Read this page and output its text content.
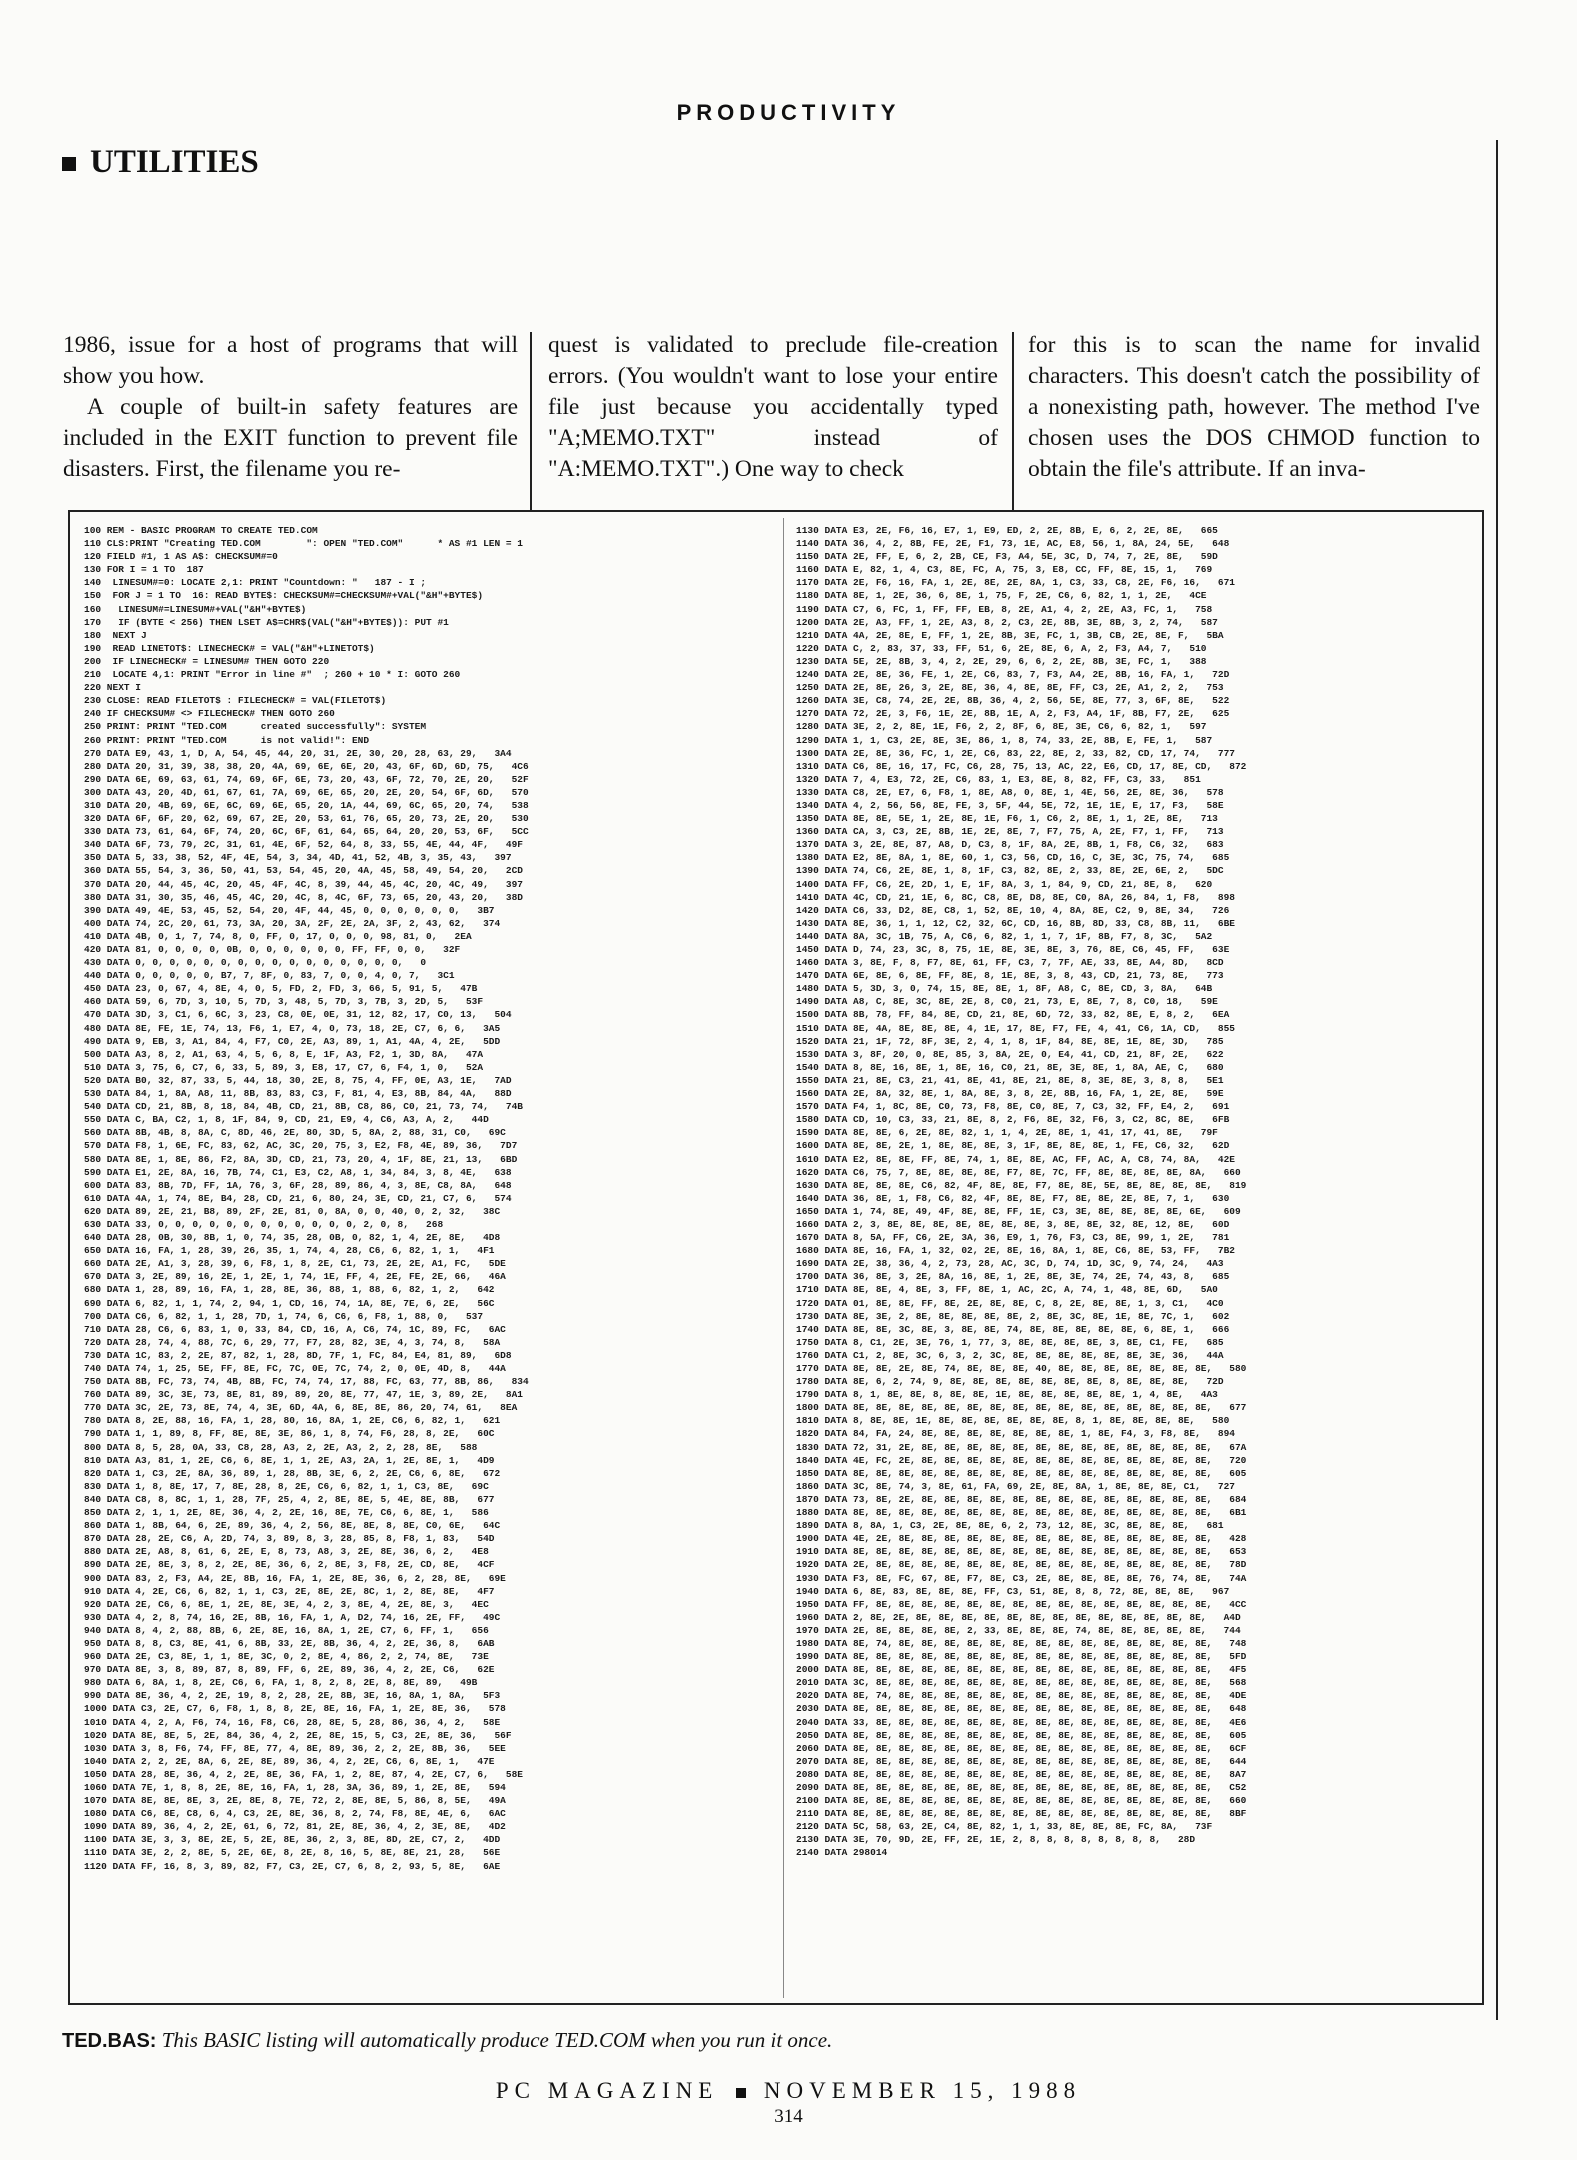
PRODUCTIVITY
UTILITIES

1986, issue for a host of programs that will show you how.

A couple of built-in safety features are included in the EXIT function to prevent file disasters. First, the filename you re-

quest is validated to preclude file-creation errors. (You wouldn't want to lose your entire file just because you accidentally typed "A;MEMO.TXT" instead of "A:MEMO.TXT".) One way to check

for this is to scan the name for invalid characters. This doesn't catch the possibility of a nonexisting path, however. The method I've chosen uses the DOS CHMOD function to obtain the file's attribute. If an inva-

100 REM - BASIC PROGRAM TO CREATE TED.COM
110 CLS:PRINT "Creating TED.COM        ": OPEN "TED.COM"      * AS #1 LEN = 1
120 FIELD #1, 1 AS A$: CHECKSUM#=0
130 FOR I = 1 TO  187
140  LINESUM#=0: LOCATE 2,1: PRINT "Countdown: "   187 - I ;
150  FOR J = 1 TO  16: READ BYTE$: CHECKSUM#=CHECKSUM#+VAL("&H"+BYTE$)
160   LINESUM#=LINESUM#+VAL("&H"+BYTE$)
170   IF (BYTE < 256) THEN LSET A$=CHR$(VAL("&H"+BYTE$)): PUT #1
180  NEXT J
190  READ LINETOT$: LINECHECK# = VAL("&H"+LINETOT$)
200  IF LINECHECK# = LINESUM# THEN GOTO 220
210  LOCATE 4,1: PRINT "Error in line #"  ; 260 + 10 * I: GOTO 260
220 NEXT I
230 CLOSE: READ FILETOT$ : FILECHECK# = VAL(FILETOT$)
240 IF CHECKSUM# <> FILECHECK# THEN GOTO 260
250 PRINT: PRINT "TED.COM      created successfully": SYSTEM
260 PRINT: PRINT "TED.COM      is not valid!": END
270 DATA E9, 43, 1, D, A, 54, 45, 44, 20, 31, 2E, 30, 20, 28, 63, 29,   3A4
280 DATA 20, 31, 39, 38, 38, 20, 4A, 69, 6E, 6E, 20, 43, 6F, 6D, 6D, 75,   4C6
290 DATA 6E, 69, 63, 61, 74, 69, 6F, 6E, 73, 20, 43, 6F, 72, 70, 2E, 20,   52F
300 DATA 43, 20, 4D, 61, 67, 61, 7A, 69, 6E, 65, 20, 2E, 20, 54, 6F, 6D,   570
310 DATA 20, 4B, 69, 6E, 6C, 69, 6E, 65, 20, 1A, 44, 69, 6C, 65, 20, 74,   538
320 DATA 6F, 6F, 20, 62, 69, 67, 2E, 20, 53, 61, 76, 65, 20, 73, 2E, 20,   530
330 DATA 73, 61, 64, 6F, 74, 20, 6C, 6F, 61, 64, 65, 64, 20, 20, 53, 6F,   5CC
340 DATA 6F, 73, 79, 2C, 31, 61, 4E, 6F, 52, 64, 8, 33, 55, 4E, 44, 4F,   49F
350 DATA 5, 33, 38, 52, 4F, 4E, 54, 3, 34, 4D, 41, 52, 4B, 3, 35, 43,   397
360 DATA 55, 54, 3, 36, 50, 41, 53, 54, 45, 20, 4A, 45, 58, 49, 54, 20,   2CD
370 DATA 20, 44, 45, 4C, 20, 45, 4F, 4C, 8, 39, 44, 45, 4C, 20, 4C, 49,   397
380 DATA 31, 30, 35, 46, 45, 4C, 20, 4C, 8, 4C, 6F, 73, 65, 20, 43, 20,   38D
390 DATA 49, 4E, 53, 45, 52, 54, 20, 4F, 44, 45, 0, 0, 0, 0, 0, 0,   3B7
400 DATA 74, 2C, 20, 61, 73, 3A, 20, 3A, 2F, 2E, 2A, 3F, 2, 43, 62,   374
410 DATA 4B, 0, 1, 7, 74, 8, 0, FF, 0, 17, 0, 0, 0, 98, 81, 0,   2EA
420 DATA 81, 0, 0, 0, 0, 0B, 0, 0, 0, 0, 0, 0, FF, FF, 0, 0,   32F
430 DATA 0, 0, 0, 0, 0, 0, 0, 0, 0, 0, 0, 0, 0, 0, 0, 0,   0
440 DATA 0, 0, 0, 0, 0, B7, 7, 8F, 0, 83, 7, 0, 0, 4, 0, 7,   3C1
450 DATA 23, 0, 67, 4, 8E, 4, 0, 5, FD, 2, FD, 3, 66, 5, 91, 5,   47B
460 DATA 59, 6, 7D, 3, 10, 5, 7D, 3, 48, 5, 7D, 3, 7B, 3, 2D, 5,   53F
470 DATA 3D, 3, C1, 6, 6C, 3, 23, C8, 0E, 0E, 31, 12, 82, 17, C0, 13,   504
480 DATA 8E, FE, 1E, 74, 13, F6, 1, E7, 4, 0, 73, 18, 2E, C7, 6, 6,   3A5
490 DATA 9, EB, 3, A1, 84, 4, F7, C0, 2E, A3, 89, 1, A1, 4A, 4, 2E,   5DD
500 DATA A3, 8, 2, A1, 63, 4, 5, 6, 8, E, 1F, A3, F2, 1, 3D, 8A,   47A
510 DATA 3, 75, 6, C7, 6, 33, 5, 89, 3, E8, 17, C7, 6, F4, 1, 0,   52A
520 DATA B0, 32, 87, 33, 5, 44, 18, 30, 2E, 8, 75, 4, FF, 0E, A3, 1E,   7AD
530 DATA 84, 1, 8A, A8, 11, 8B, 83, 83, C3, F, 81, 4, E3, 8B, 84, 4A,   88D
540 DATA CD, 21, 8B, 8, 18, 84, 4B, CD, 21, 8B, C8, 86, C0, 21, 73, 74,   74B
550 DATA C, BA, C2, 1, 8, 1F, 84, 9, CD, 21, E9, 4, C6, A3, A, 2,   44D
560 DATA 8B, 4B, 8, 8A, C, 8D, 46, 2E, 80, 3D, 5, 8A, 2, 88, 31, C0,   69C
570 DATA F8, 1, 6E, FC, 83, 62, AC, 3C, 20, 75, 3, E2, F8, 4E, 89, 36,   7D7
580 DATA 8E, 1, 8E, 86, F2, 8A, 3D, CD, 21, 73, 20, 4, 1F, 8E, 21, 13,   6BD
590 DATA E1, 2E, 8A, 16, 7B, 74, C1, E3, C2, A8, 1, 34, 84, 3, 8, 4E,   638
600 DATA 83, 8B, 7D, FF, 1A, 76, 3, 6F, 28, 89, 86, 4, 3, 8E, C8, 8A,   648
610 DATA 4A, 1, 74, 8E, B4, 28, CD, 21, 6, 80, 24, 3E, CD, 21, C7, 6,   574
620 DATA 89, 2E, 21, B8, 89, 2F, 2E, 81, 0, 8A, 0, 0, 40, 0, 2, 32,   38C
630 DATA 33, 0, 0, 0, 0, 0, 0, 0, 0, 0, 0, 0, 0, 2, 0, 8,   268
640 DATA 28, 0B, 30, 8B, 1, 0, 74, 35, 28, 0B, 0, 82, 1, 4, 2E, 8E,   4D8
650 DATA 16, FA, 1, 28, 39, 26, 35, 1, 74, 4, 28, C6, 6, 82, 1, 1,   4F1
660 DATA 2E, A1, 3, 28, 39, 6, F8, 1, 8, 2E, C1, 73, 2E, 2E, A1, FC,   5DE
670 DATA 3, 2E, 89, 16, 2E, 1, 2E, 1, 74, 1E, FF, 4, 2E, FE, 2E, 66,   46A
680 DATA 1, 28, 89, 16, FA, 1, 28, 8E, 36, 88, 1, 88, 6, 82, 1, 2,   642
690 DATA 6, 82, 1, 1, 74, 2, 94, 1, CD, 16, 74, 1A, 8E, 7E, 6, 2E,   56C
700 DATA C6, 6, 82, 1, 1, 28, 7D, 1, 74, 6, C6, 6, F8, 1, 88, 0,   537
710 DATA 28, C6, 6, 83, 1, 0, 33, 84, CD, 16, A, C6, 74, 1C, 89, FC,   6AC
720 DATA 28, 74, 4, 88, 7C, 6, 29, 77, F7, 28, 82, 3E, 4, 3, 74, 8,   58A
730 DATA 1C, 83, 2, 2E, 87, 82, 1, 28, 8D, 7F, 1, FC, 84, E4, 81, 89,   6D8
740 DATA 74, 1, 25, 5E, FF, 8E, FC, 7C, 0E, 7C, 74, 2, 0, 0E, 4D, 8,   44A
750 DATA 8B, FC, 73, 74, 4B, 8B, FC, 74, 74, 17, 88, FC, 63, 77, 8B, 86,   834
760 DATA 89, 3C, 3E, 73, 8E, 81, 89, 89, 20, 8E, 77, 47, 1E, 3, 89, 2E,   8A1
770 DATA 3C, 2E, 73, 8E, 74, 4, 3E, 6D, 4A, 6, 8E, 8E, 86, 20, 74, 61,   8EA
780 DATA 8, 2E, 88, 16, FA, 1, 28, 80, 16, 8A, 1, 2E, C6, 6, 82, 1,   621
790 DATA 1, 1, 89, 8, FF, 8E, 8E, 3E, 86, 1, 8, 74, F6, 28, 8, 2E,   60C
800 DATA 8, 5, 28, 0A, 33, C8, 28, A3, 2, 2E, A3, 2, 2, 28, 8E,   588
810 DATA A3, 81, 1, 2E, C6, 6, 8E, 1, 1, 2E, A3, 2A, 1, 2E, 8E, 1,   4D9
820 DATA 1, C3, 2E, 8A, 36, 89, 1, 28, 8B, 3E, 6, 2, 2E, C6, 6, 8E,   672
830 DATA 1, 8, 8E, 17, 7, 8E, 28, 8, 2E, C6, 6, 82, 1, 1, C3, 8E,   69C
840 DATA C8, 8, 8C, 1, 1, 28, 7F, 25, 4, 2, 8E, 8E, 5, 4E, 8E, 8B,   677
850 DATA 2, 1, 1, 2E, 8E, 36, 4, 2, 2E, 16, 8E, 7E, C6, 6, 8E, 1,   586
860 DATA 1, 8B, 64, 6, 2E, 89, 36, 4, 2, 56, 8E, 8E, 8, 8E, C0, 6E,   64C
870 DATA 28, 2E, C6, A, 2D, 74, 3, 89, 8, 3, 28, 85, 8, F8, 1, 83,   54D
880 DATA 2E, A8, 8, 61, 6, 2E, E, 8, 73, A8, 3, 2E, 8E, 36, 6, 2,   4E8
890 DATA 2E, 8E, 3, 8, 2, 2E, 8E, 36, 6, 2, 8E, 3, F8, 2E, CD, 8E,   4CF
900 DATA 83, 2, F3, A4, 2E, 8B, 16, FA, 1, 2E, 8E, 36, 6, 2, 28, 8E,   69E
910 DATA 4, 2E, C6, 6, 82, 1, 1, C3, 2E, 8E, 2E, 8C, 1, 2, 8E, 8E,   4F7
920 DATA 2E, C6, 6, 8E, 1, 2E, 8E, 3E, 4, 2, 3, 8E, 4, 2E, 8E, 3,   4EC
930 DATA 4, 2, 8, 74, 16, 2E, 8B, 16, FA, 1, A, D2, 74, 16, 2E, FF,   49C
940 DATA 8, 4, 2, 88, 8B, 6, 2E, 8E, 16, 8A, 1, 2E, C7, 6, FF, 1,   656
950 DATA 8, 8, C3, 8E, 41, 6, 8B, 33, 2E, 8B, 36, 4, 2, 2E, 36, 8,   6AB
960 DATA 2E, C3, 8E, 1, 1, 8E, 3C, 0, 2, 8E, 4, 86, 2, 2, 74, 8E,   73E
970 DATA 8E, 3, 8, 89, 87, 8, 89, FF, 6, 2E, 89, 36, 4, 2, 2E, C6,   62E
980 DATA 6, 8A, 1, 8, 2E, C6, 6, FA, 1, 8, 2, 8, 2E, 8, 8E, 89,   49B
990 DATA 8E, 36, 4, 2, 2E, 19, 8, 2, 28, 2E, 8B, 3E, 16, 8A, 1, 8A,   5F3
1000 DATA C3, 2E, C7, 6, F8, 1, 8, 8, 2E, 8E, 16, FA, 1, 2E, 8E, 36,   578
1010 DATA 4, 2, A, F6, 74, 16, F8, C6, 28, 8E, 5, 28, 86, 36, 4, 2,   58E
1020 DATA 8E, 8E, 5, 2E, 84, 36, 4, 2, 2E, 8E, 15, 5, C3, 2E, 8E, 36,   56F
1030 DATA 3, 8, F6, 74, FF, 8E, 77, 4, 8E, 89, 36, 2, 2, 2E, 8B, 36,   5EE
1040 DATA 2, 2, 2E, 8A, 6, 2E, 8E, 89, 36, 4, 2, 2E, C6, 6, 8E, 1,   47E
1050 DATA 28, 8E, 36, 4, 2, 2E, 8E, 36, FA, 1, 2, 8E, 87, 4, 2E, C7, 6,   58E
1060 DATA 7E, 1, 8, 8, 2E, 8E, 16, FA, 1, 28, 3A, 36, 89, 1, 2E, 8E,   594
1070 DATA 8E, 8E, 8E, 3, 2E, 8E, 8, 7E, 72, 2, 8E, 8E, 5, 86, 8, 5E,   49A
1080 DATA C6, 8E, C8, 6, 4, C3, 2E, 8E, 36, 8, 2, 74, F8, 8E, 4E, 6,   6AC
1090 DATA 89, 36, 4, 2, 2E, 61, 6, 72, 81, 2E, 8E, 36, 4, 2, 3E, 8E,   4D2
1100 DATA 3E, 3, 3, 8E, 2E, 5, 2E, 8E, 36, 2, 3, 8E, 8D, 2E, C7, 2,   4DD
1110 DATA 3E, 2, 2, 8E, 5, 2E, 6E, 8, 2E, 8, 16, 5, 8E, 8E, 21, 28,   56E
1120 DATA FF, 16, 8, 3, 89, 82, F7, C3, 2E, C7, 6, 8, 2, 93, 5, 8E,   6AE
1130 DATA E3, 2E, F6, 16, E7, 1, E9, ED, 2, 2E, 8B, E, 6, 2, 2E, 8E,   665
1140 DATA 36, 4, 2, 8B, FE, 2E, F1, 73, 1E, AC, E8, 56, 1, 8A, 24, 5E,   648
1150 DATA 2E, FF, E, 6, 2, 2B, CE, F3, A4, 5E, 3C, D, 74, 7, 2E, 8E,   59D
1160 DATA E, 82, 1, 4, C3, 8E, FC, A, 75, 3, E8, CC, FF, 8E, 15, 1,   769
1170 DATA 2E, F6, 16, FA, 1, 2E, 8E, 2E, 8A, 1, C3, 33, C8, 2E, F6, 16,   671
1180 DATA 8E, 1, 2E, 36, 6, 8E, 1, 75, F, 2E, C6, 6, 82, 1, 1, 2E,   4CE
1190 DATA C7, 6, FC, 1, FF, FF, EB, 8, 2E, A1, 4, 2, 2E, A3, FC, 1,   758
1200 DATA 2E, A3, FF, 1, 2E, A3, 8, 2, C3, 2E, 8B, 3E, 8B, 3, 2, 74,   587
1210 DATA 4A, 2E, 8E, E, FF, 1, 2E, 8B, 3E, FC, 1, 3B, CB, 2E, 8E, F,   5BA
1220 DATA C, 2, 83, 37, 33, FF, 51, 6, 2E, 8E, 6, A, 2, F3, A4, 7,   510
1230 DATA 5E, 2E, 8B, 3, 4, 2, 2E, 29, 6, 6, 2, 2E, 8B, 3E, FC, 1,   388
1240 DATA 2E, 8E, 36, FE, 1, 2E, C6, 83, 7, F3, A4, 2E, 8B, 16, FA, 1,   72D
1250 DATA 2E, 8E, 26, 3, 2E, 8E, 36, 4, 8E, 8E, FF, C3, 2E, A1, 2, 2,   753
1260 DATA 3E, C8, 74, 2E, 2E, 8B, 36, 4, 2, 56, 5E, 8E, 77, 3, 6F, 8E,   522
1270 DATA 72, 2E, 3, F6, 1E, 2E, 8B, 1E, A, 2, F3, A4, 1F, 8B, F7, 2E,   625
1280 DATA 3E, 2, 2, 8E, 1E, F6, 2, 2, 8F, 6, 8E, 3E, C6, 6, 82, 1,   597
1290 DATA 1, 1, C3, 2E, 8E, 3E, 86, 1, 8, 74, 33, 2E, 8B, E, FE, 1,   587
1300 DATA 2E, 8E, 36, FC, 1, 2E, C6, 83, 22, 8E, 2, 33, 82, CD, 17, 74,   777
1310 DATA C6, 8E, 16, 17, FC, C6, 28, 75, 13, AC, 22, E6, CD, 17, 8E, CD,   872
1320 DATA 7, 4, E3, 72, 2E, C6, 83, 1, E3, 8E, 8, 82, FF, C3, 33,   851
1330 DATA C8, 2E, E7, 6, F8, 1, 8E, A8, 0, 8E, 1, 4E, 56, 2E, 8E, 36,   578
1340 DATA 4, 2, 56, 56, 8E, FE, 3, 5F, 44, 5E, 72, 1E, 1E, E, 17, F3,   58E
1350 DATA 8E, 8E, 5E, 1, 2E, 8E, 1E, F6, 1, C6, 2, 8E, 1, 1, 2E, 8E,   713
1360 DATA CA, 3, C3, 2E, 8B, 1E, 2E, 8E, 7, F7, 75, A, 2E, F7, 1, FF,   713
1370 DATA 3, 2E, 8E, 87, A8, D, C3, 8, 1F, 8A, 2E, 8B, 1, F8, C6, 32,   683
1380 DATA E2, 8E, 8A, 1, 8E, 60, 1, C3, 56, CD, 16, C, 3E, 3C, 75, 74,   685
1390 DATA 74, C6, 2E, 8E, 1, 8, 1F, C3, 82, 8E, 2, 33, 8E, 2E, 6E, 2,   5DC
1400 DATA FF, C6, 2E, 2D, 1, E, 1F, 8A, 3, 1, 84, 9, CD, 21, 8E, 8,   620
1410 DATA 4C, CD, 21, 1E, 6, 8C, C8, 8E, D8, 8E, C0, 8A, 26, 84, 1, F8,   898
1420 DATA C6, 33, D2, 8E, C8, 1, 52, 8E, 10, 4, 8A, 8E, C2, 9, 8E, 34,   726
1430 DATA 8E, 36, 1, 1, 12, C2, 32, 6C, CD, 16, 8B, 8D, 33, C8, 8B, 11,   6BE
1440 DATA 8A, 3C, 1B, 75, A, C6, 6, 82, 1, 1, 7, 1F, 8B, F7, 8, 3C,   5A2
1450 DATA D, 74, 23, 3C, 8, 75, 1E, 8E, 3E, 8E, 3, 76, 8E, C6, 45, FF,   63E
1460 DATA 3, 8E, F, 8, F7, 8E, 61, FF, C3, 7, 7F, AE, 33, 8E, A4, 8D,   8CD
1470 DATA 6E, 8E, 6, 8E, FF, 8E, 8, 1E, 8E, 3, 8, 43, CD, 21, 73, 8E,   773
1480 DATA 5, 3D, 3, 0, 74, 15, 8E, 8E, 1, 8F, A8, C, 8E, CD, 3, 8A,   64B
1490 DATA A8, C, 8E, 3C, 8E, 2E, 8, C0, 21, 73, E, 8E, 7, 8, C0, 18,   59E
1500 DATA 8B, 78, FF, 84, 8E, CD, 21, 8E, 6D, 72, 33, 82, 8E, E, 8, 2,   6EA
1510 DATA 8E, 4A, 8E, 8E, 8E, 4, 1E, 17, 8E, F7, FE, 4, 41, C6, 1A, CD,   855
1520 DATA 21, 1F, 72, 8F, 3E, 2, 4, 1, 8, 1F, 84, 8E, 8E, 1E, 8E, 3D,   785
1530 DATA 3, 8F, 20, 0, 8E, 85, 3, 8A, 2E, 0, E4, 41, CD, 21, 8F, 2E,   622
1540 DATA 8, 8E, 16, 8E, 1, 8E, 16, C0, 21, 8E, 3E, 8E, 1, 8A, AE, C,   680
1550 DATA 21, 8E, C3, 21, 41, 8E, 41, 8E, 21, 8E, 8, 3E, 8E, 3, 8, 8,   5E1
1560 DATA 2E, 8A, 32, 8E, 1, 8A, 8E, 3, 8, 2E, 8B, 16, FA, 1, 2E, 8E,   59E
1570 DATA F4, 1, 8C, 8E, C0, 73, F8, 8E, C0, 8E, 7, C3, 32, FF, E4, 2,   691
1580 DATA CD, 10, C3, 33, 21, 8E, 8, 2, F6, 8E, 32, F6, 3, C2, 8C, 8E,   6FB
1590 DATA 8E, 8E, 6, 2E, 8E, 82, 1, 1, 4, 2E, 8E, 1, 41, 17, 41, 8E,   79F
1600 DATA 8E, 8E, 2E, 1, 8E, 8E, 8E, 3, 1F, 8E, 8E, 8E, 1, FE, C6, 32,   62D
1610 DATA E2, 8E, 8E, FF, 8E, 74, 1, 8E, 8E, AC, FF, AC, A, C8, 74, 8A,   42E
1620 DATA C6, 75, 7, 8E, 8E, 8E, 8E, F7, 8E, 7C, FF, 8E, 8E, 8E, 8E, 8A,   660
1630 DATA 8E, 8E, 8E, C6, 82, 4F, 8E, 8E, F7, 8E, 8E, 5E, 8E, 8E, 8E, 8E,   819
1640 DATA 36, 8E, 1, F8, C6, 82, 4F, 8E, 8E, F7, 8E, 8E, 2E, 8E, 7, 1,   630
1650 DATA 1, 74, 8E, 49, 4F, 8E, 8E, FF, 1E, C3, 3E, 8E, 8E, 8E, 8E, 6E,   609
1660 DATA 2, 3, 8E, 8E, 8E, 8E, 8E, 8E, 8E, 3, 8E, 8E, 32, 8E, 12, 8E,   60D
1670 DATA 8, 5A, FF, C6, 2E, 3A, 36, E9, 1, 76, F3, C3, 8E, 99, 1, 2E,   781
1680 DATA 8E, 16, FA, 1, 32, 02, 2E, 8E, 16, 8A, 1, 8E, C6, 8E, 53, FF,   7B2
1690 DATA 2E, 38, 36, 4, 2, 73, 28, AC, 3C, D, 74, 1D, 3C, 9, 74, 24,   4A3
1700 DATA 36, 8E, 3, 2E, 8A, 16, 8E, 1, 2E, 8E, 3E, 74, 2E, 74, 43, 8,   685
1710 DATA 8E, 8E, 4, 8E, 3, FF, 8E, 1, AC, 2C, A, 74, 1, 48, 8E, 6D,   5A0
1720 DATA 01, 8E, 8E, FF, 8E, 2E, 8E, 8E, C, 8, 2E, 8E, 8E, 1, 3, C1,   4C0
1730 DATA 8E, 3E, 2, 8E, 8E, 8E, 8E, 8E, 2, 8E, 3C, 8E, 1E, 8E, 7C, 1,   602
1740 DATA 8E, 8E, 3C, 8E, 3, 8E, 8E, 74, 8E, 8E, 8E, 8E, 8E, 6, 8E, 1,   666
1750 DATA 8, C1, 2E, 3E, 76, 1, 77, 3, 8E, 8E, 8E, 8E, 3, 8E, C1, FE,   685
1760 DATA C1, 2, 8E, 3C, 6, 3, 2, 3C, 8E, 8E, 8E, 8E, 8E, 8E, 3E, 36,   44A
1770 DATA 8E, 8E, 2E, 8E, 74, 8E, 8E, 8E, 40, 8E, 8E, 8E, 8E, 8E, 8E, 8E,   580
1780 DATA 8E, 6, 2, 74, 9, 8E, 8E, 8E, 8E, 8E, 8E, 8E, 8, 8E, 8E, 8E,   72D
1790 DATA 8, 1, 8E, 8E, 8, 8E, 8E, 1E, 8E, 8E, 8E, 8E, 8E, 1, 4, 8E,   4A3
1800 DATA 8E, 8E, 8E, 8E, 8E, 8E, 8E, 8E, 8E, 8E, 8E, 8E, 8E, 8E, 8E, 8E,   677
1810 DATA 8, 8E, 8E, 1E, 8E, 8E, 8E, 8E, 8E, 8E, 8, 1, 8E, 8E, 8E, 8E,   580
1820 DATA 84, FA, 24, 8E, 8E, 8E, 8E, 8E, 8E, 8E, 1, 8E, F4, 3, F8, 8E,   894
1830 DATA 72, 31, 2E, 8E, 8E, 8E, 8E, 8E, 8E, 8E, 8E, 8E, 8E, 8E, 8E, 8E,   67A
1840 DATA 4E, FC, 2E, 8E, 8E, 8E, 8E, 8E, 8E, 8E, 8E, 8E, 8E, 8E, 8E, 8E,   720
1850 DATA 8E, 8E, 8E, 8E, 8E, 8E, 8E, 8E, 8E, 8E, 8E, 8E, 8E, 8E, 8E, 8E,   605
1860 DATA 3C, 8E, 74, 3, 8E, 61, FA, 69, 2E, 8E, 8A, 1, 8E, 8E, 8E, C1,   727
1870 DATA 73, 8E, 2E, 8E, 8E, 8E, 8E, 8E, 8E, 8E, 8E, 8E, 8E, 8E, 8E, 8E,   684
1880 DATA 8E, 8E, 8E, 8E, 8E, 8E, 8E, 8E, 8E, 8E, 8E, 8E, 8E, 8E, 8E, 8E,   6B1
1890 DATA 8, 8A, 1, C3, 2E, 8E, 8E, 6, 2, 73, 12, 8E, 3C, 8E, 8E, 8E,   681
1900 DATA 4E, 2E, 8E, 8E, 8E, 8E, 8E, 8E, 8E, 8E, 8E, 8E, 8E, 8E, 8E, 8E,   428
1910 DATA 8E, 8E, 8E, 8E, 8E, 8E, 8E, 8E, 8E, 8E, 8E, 8E, 8E, 8E, 8E, 8E,   653
1920 DATA 2E, 8E, 8E, 8E, 8E, 8E, 8E, 8E, 8E, 8E, 8E, 8E, 8E, 8E, 8E, 8E,   78D
1930 DATA F3, 8E, FC, 67, 8E, F7, 8E, C3, 2E, 8E, 8E, 8E, 8E, 76, 74, 8E,   74A
1940 DATA 6, 8E, 83, 8E, 8E, 8E, FF, C3, 51, 8E, 8, 8, 72, 8E, 8E, 8E,   967
1950 DATA FF, 8E, 8E, 8E, 8E, 8E, 8E, 8E, 8E, 8E, 8E, 8E, 8E, 8E, 8E, 8E,   4CC
1960 DATA 2, 8E, 2E, 8E, 8E, 8E, 8E, 8E, 8E, 8E, 8E, 8E, 8E, 8E, 8E, 8E,   A4D
1970 DATA 2E, 8E, 8E, 8E, 8E, 2, 33, 8E, 8E, 8E, 74, 8E, 8E, 8E, 8E, 8E,   744
1980 DATA 8E, 74, 8E, 8E, 8E, 8E, 8E, 8E, 8E, 8E, 8E, 8E, 8E, 8E, 8E, 8E,   748
1990 DATA 8E, 8E, 8E, 8E, 8E, 8E, 8E, 8E, 8E, 8E, 8E, 8E, 8E, 8E, 8E, 8E,   5FD
2000 DATA 8E, 8E, 8E, 8E, 8E, 8E, 8E, 8E, 8E, 8E, 8E, 8E, 8E, 8E, 8E, 8E,   4F5
2010 DATA 3C, 8E, 8E, 8E, 8E, 8E, 8E, 8E, 8E, 8E, 8E, 8E, 8E, 8E, 8E, 8E,   568
2020 DATA 8E, 74, 8E, 8E, 8E, 8E, 8E, 8E, 8E, 8E, 8E, 8E, 8E, 8E, 8E, 8E,   4DE
2030 DATA 8E, 8E, 8E, 8E, 8E, 8E, 8E, 8E, 8E, 8E, 8E, 8E, 8E, 8E, 8E, 8E,   648
2040 DATA 33, 8E, 8E, 8E, 8E, 8E, 8E, 8E, 8E, 8E, 8E, 8E, 8E, 8E, 8E, 8E,   4E6
2050 DATA 8E, 8E, 8E, 8E, 8E, 8E, 8E, 8E, 8E, 8E, 8E, 8E, 8E, 8E, 8E, 8E,   605
2060 DATA 8E, 8E, 8E, 8E, 8E, 8E, 8E, 8E, 8E, 8E, 8E, 8E, 8E, 8E, 8E, 8E,   6CF
2070 DATA 8E, 8E, 8E, 8E, 8E, 8E, 8E, 8E, 8E, 8E, 8E, 8E, 8E, 8E, 8E, 8E,   644
2080 DATA 8E, 8E, 8E, 8E, 8E, 8E, 8E, 8E, 8E, 8E, 8E, 8E, 8E, 8E, 8E, 8E,   8A7
2090 DATA 8E, 8E, 8E, 8E, 8E, 8E, 8E, 8E, 8E, 8E, 8E, 8E, 8E, 8E, 8E, 8E,   C52
2100 DATA 8E, 8E, 8E, 8E, 8E, 8E, 8E, 8E, 8E, 8E, 8E, 8E, 8E, 8E, 8E, 8E,   660
2110 DATA 8E, 8E, 8E, 8E, 8E, 8E, 8E, 8E, 8E, 8E, 8E, 8E, 8E, 8E, 8E, 8E,   8BF
2120 DATA 5C, 58, 63, 2E, C4, 8E, 82, 1, 1, 33, 8E, 8E, 8E, FC, 8A,   73F
2130 DATA 3E, 70, 9D, 2E, FF, 2E, 1E, 2, 8, 8, 8, 8, 8, 8, 8, 8,   28D
2140 DATA 298014
TED.BAS: This BASIC listing will automatically produce TED.COM when you run it once.
PC MAGAZINE NOVEMBER 15, 1988
314
